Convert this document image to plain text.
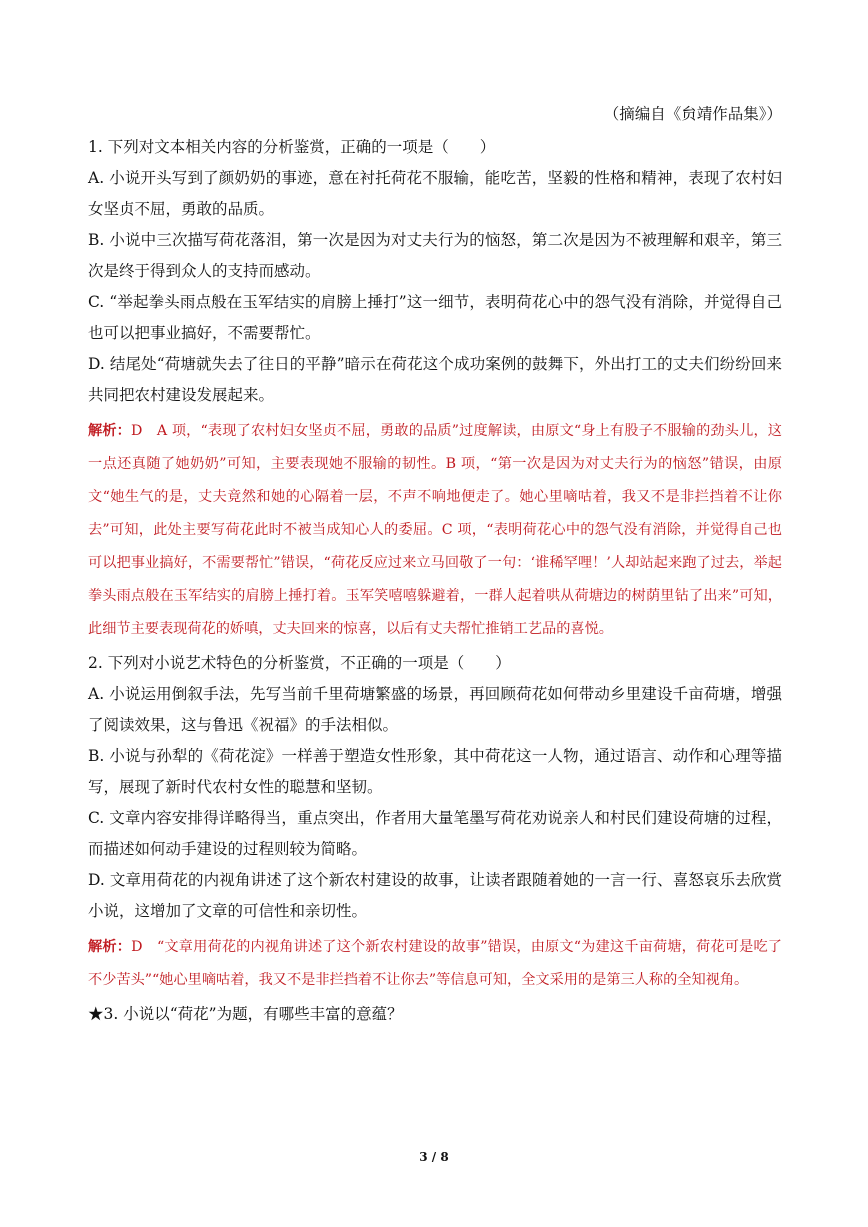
（摘编自《贠靖作品集》）

1. 下列对文本相关内容的分析鉴赏，正确的一项是（　　）

A. 小说开头写到了颜奶奶的事迹，意在衬托荷花不服输，能吃苦，坚毅的性格和精神，表现了农村妇女坚贞不屈，勇敢的品质。

B. 小说中三次描写荷花落泪，第一次是因为对丈夫行为的恼怒，第二次是因为不被理解和艰辛，第三次是终于得到众人的支持而感动。

C. “举起拳头雨点般在玉军结实的肩膀上捶打”这一细节，表明荷花心中的怨气没有消除，并觉得自己也可以把事业搞好，不需要帮忙。

D. 结尾处“荷塘就失去了往日的平静”暗示在荷花这个成功案例的鼓舞下，外出打工的丈夫们纷纷回来共同把农村建设发展起来。

解析：D　A 项，“表现了农村妇女坚贞不屈，勇敢的品质”过度解读，由原文“身上有股子不服输的劲头儿，这一点还真随了她奶奶”可知，主要表现她不服输的韧性。B 项，“第一次是因为对丈夫行为的恼怒”错误，由原文“她生气的是，丈夫竟然和她的心隔着一层，不声不响地便走了。她心里嘀咕着，我又不是非拦挡着不让你去”可知，此处主要写荷花此时不被当成知心人的委屈。C 项，“表明荷花心中的怨气没有消除，并觉得自己也可以把事业搞好，不需要帮忙”错误，“荷花反应过来立马回敬了一句：‘谁稀罕哩！’人却站起来跑了过去，举起拳头雨点般在玉军结实的肩膀上捶打着。玉军笑嘻嘻躲避着，一群人起着哄从荷塘边的树荫里钻了出来”可知，此细节主要表现荷花的娇嗔，丈夫回来的惊喜，以后有丈夫帮忙推销工艺品的喜悦。

2. 下列对小说艺术特色的分析鉴赏，不正确的一项是（　　）

A. 小说运用倒叙手法，先写当前千里荷塘繁盛的场景，再回顾荷花如何带动乡里建设千亩荷塘，增强了阅读效果，这与鲁迅《祝福》的手法相似。

B. 小说与孙犁的《荷花淀》一样善于塑造女性形象，其中荷花这一人物，通过语言、动作和心理等描写，展现了新时代农村女性的聪慧和坚韧。

C. 文章内容安排得详略得当，重点突出，作者用大量笔墨写荷花劝说亲人和村民们建设荷塘的过程，而描述如何动手建设的过程则较为简略。

D. 文章用荷花的内视角讲述了这个新农村建设的故事，让读者跟随着她的一言一行、喜怒哀乐去欣赏小说，这增加了文章的可信性和亲切性。

解析：D　“文章用荷花的内视角讲述了这个新农村建设的故事”错误，由原文“为建这千亩荷塘，荷花可是吃了不少苦头”“她心里嘀咕着，我又不是非拦挡着不让你去”等信息可知，全文采用的是第三人称的全知视角。

★3. 小说以“荷花”为题，有哪些丰富的意蕴？

3 / 8
